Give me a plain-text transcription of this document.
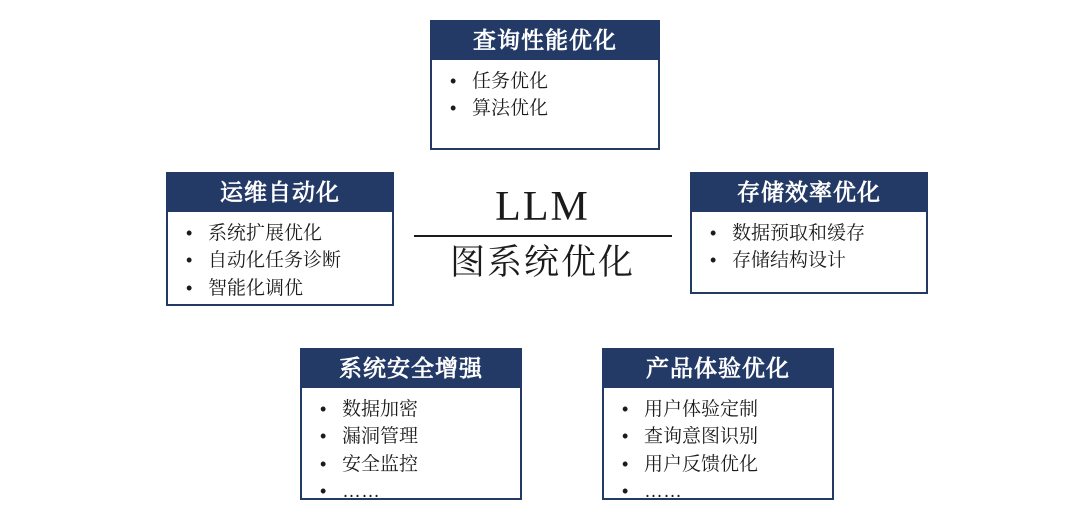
LLM
图系统优化
查询性能优化
• 任务优化
• 算法优化
运维自动化
• 系统扩展优化
• 自动化任务诊断
• 智能化调优
存储效率优化
• 数据预取和缓存
• 存储结构设计
系统安全增强
• 数据加密
• 漏洞管理
• 安全监控
• ……
产品体验优化
• 用户体验定制
• 查询意图识别
• 用户反馈优化
• ……
